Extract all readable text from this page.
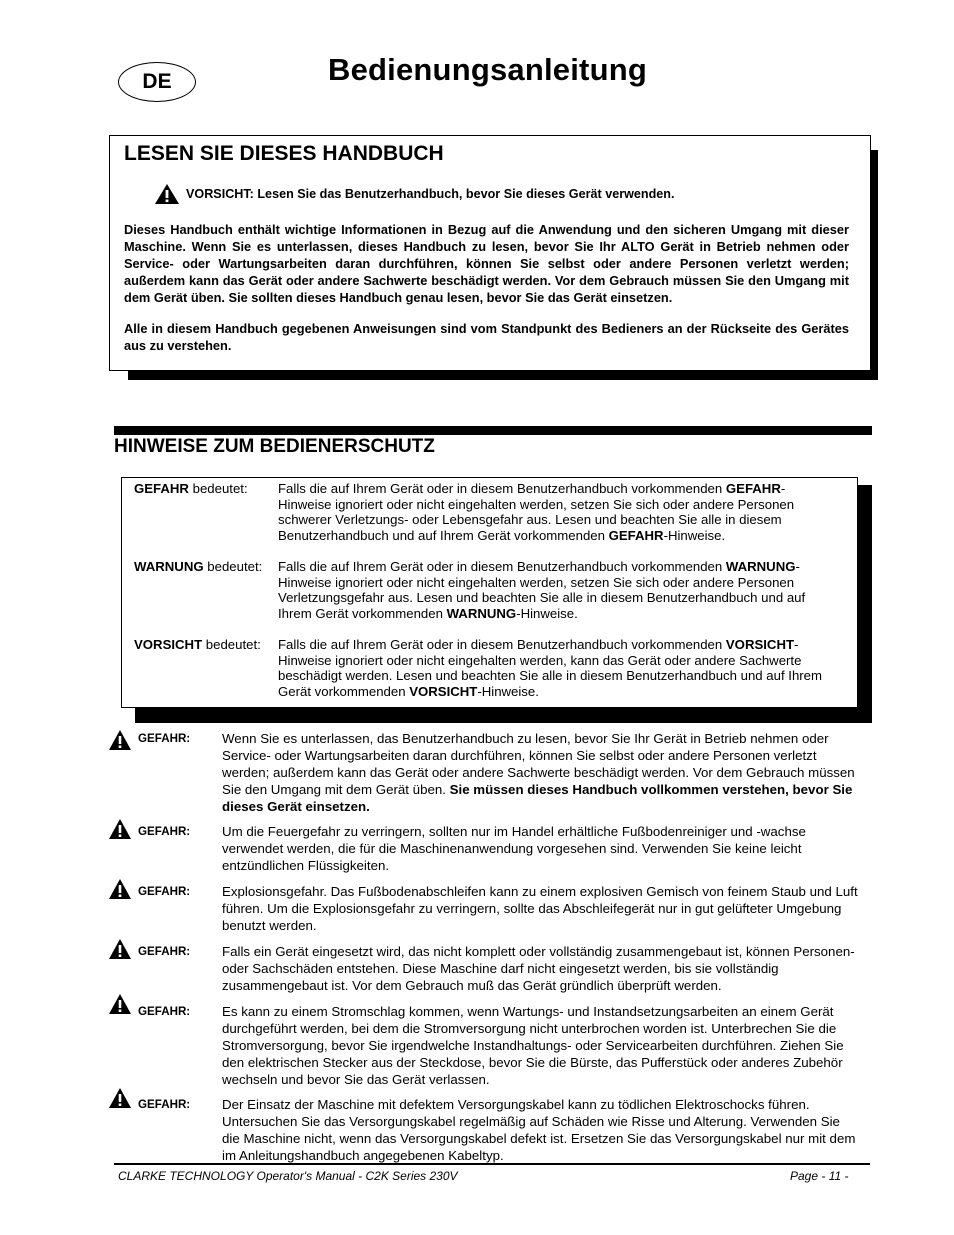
DE	Bedienungsanleitung
LESEN SIE DIESES HANDBUCH
VORSICHT: Lesen Sie das Benutzerhandbuch, bevor Sie dieses Gerät verwenden.
Dieses Handbuch enthält wichtige Informationen in Bezug auf die Anwendung und den sicheren Umgang mit dieser Maschine. Wenn Sie es unterlassen, dieses Handbuch zu lesen, bevor Sie Ihr ALTO Gerät in Betrieb nehmen oder Service- oder Wartungsarbeiten daran durchführen, können Sie selbst oder andere Personen verletzt werden; außerdem kann das Gerät oder andere Sachwerte beschädigt werden. Vor dem Gebrauch müssen Sie den Umgang mit dem Gerät üben. Sie sollten dieses Handbuch genau lesen, bevor Sie das Gerät einsetzen.
Alle in diesem Handbuch gegebenen Anweisungen sind vom Standpunkt des Bedieners an der Rückseite des Gerätes aus zu verstehen.
HINWEISE ZUM BEDIENERSCHUTZ
GEFAHR bedeutet: Falls die auf Ihrem Gerät oder in diesem Benutzerhandbuch vorkommenden GEFAHR-Hinweise ignoriert oder nicht eingehalten werden, setzen Sie sich oder andere Personen schwerer Verletzungs- oder Lebensgefahr aus. Lesen und beachten Sie alle in diesem Benutzerhandbuch und auf Ihrem Gerät vorkommenden GEFAHR-Hinweise.
WARNUNG bedeutet: Falls die auf Ihrem Gerät oder in diesem Benutzerhandbuch vorkommenden WARNUNG-Hinweise ignoriert oder nicht eingehalten werden, setzen Sie sich oder andere Personen Verletzungsgefahr aus. Lesen und beachten Sie alle in diesem Benutzerhandbuch und auf Ihrem Gerät vorkommenden WARNUNG-Hinweise.
VORSICHT bedeutet: Falls die auf Ihrem Gerät oder in diesem Benutzerhandbuch vorkommenden VORSICHT-Hinweise ignoriert oder nicht eingehalten werden, kann das Gerät oder andere Sachwerte beschädigt werden. Lesen und beachten Sie alle in diesem Benutzerhandbuch und auf Ihrem Gerät vorkommenden VORSICHT-Hinweise.
GEFAHR: Wenn Sie es unterlassen, das Benutzerhandbuch zu lesen, bevor Sie Ihr Gerät in Betrieb nehmen oder Service- oder Wartungsarbeiten daran durchführen, können Sie selbst oder andere Personen verletzt werden; außerdem kann das Gerät oder andere Sachwerte beschädigt werden. Vor dem Gebrauch müssen Sie den Umgang mit dem Gerät üben. Sie müssen dieses Handbuch vollkommen verstehen, bevor Sie dieses Gerät einsetzen.
GEFAHR: Um die Feuergefahr zu verringern, sollten nur im Handel erhältliche Fußbodenreiniger und -wachse verwendet werden, die für die Maschinenanwendung vorgesehen sind. Verwenden Sie keine leicht entzündlichen Flüssigkeiten.
GEFAHR: Explosionsgefahr. Das Fußbodenabschleifen kann zu einem explosiven Gemisch von feinem Staub und Luft führen. Um die Explosionsgefahr zu verringern, sollte das Abschleifegerät nur in gut gelüfteter Umgebung benutzt werden.
GEFAHR: Falls ein Gerät eingesetzt wird, das nicht komplett oder vollständig zusammengebaut ist, können Personen- oder Sachschäden entstehen. Diese Maschine darf nicht eingesetzt werden, bis sie vollständig zusammengebaut ist. Vor dem Gebrauch muß das Gerät gründlich überprüft werden.
GEFAHR: Es kann zu einem Stromschlag kommen, wenn Wartungs- und Instandsetzungsarbeiten an einem Gerät durchgeführt werden, bei dem die Stromversorgung nicht unterbrochen worden ist. Unterbrechen Sie die Stromversorgung, bevor Sie irgendwelche Instandhaltungs- oder Servicearbeiten durchführen. Ziehen Sie den elektrischen Stecker aus der Steckdose, bevor Sie die Bürste, das Pufferstück oder anderes Zubehör wechseln und bevor Sie das Gerät verlassen.
GEFAHR: Der Einsatz der Maschine mit defektem Versorgungskabel kann zu tödlichen Elektroschocks führen. Untersuchen Sie das Versorgungskabel regelmäßig auf Schäden wie Risse und Alterung. Verwenden Sie die Maschine nicht, wenn das Versorgungskabel defekt ist. Ersetzen Sie das Versorgungskabel nur mit dem im Anleitungshandbuch angegebenen Kabeltyp.
CLARKE TECHNOLOGY Operator's Manual - C2K Series 230V	Page - 11 -
